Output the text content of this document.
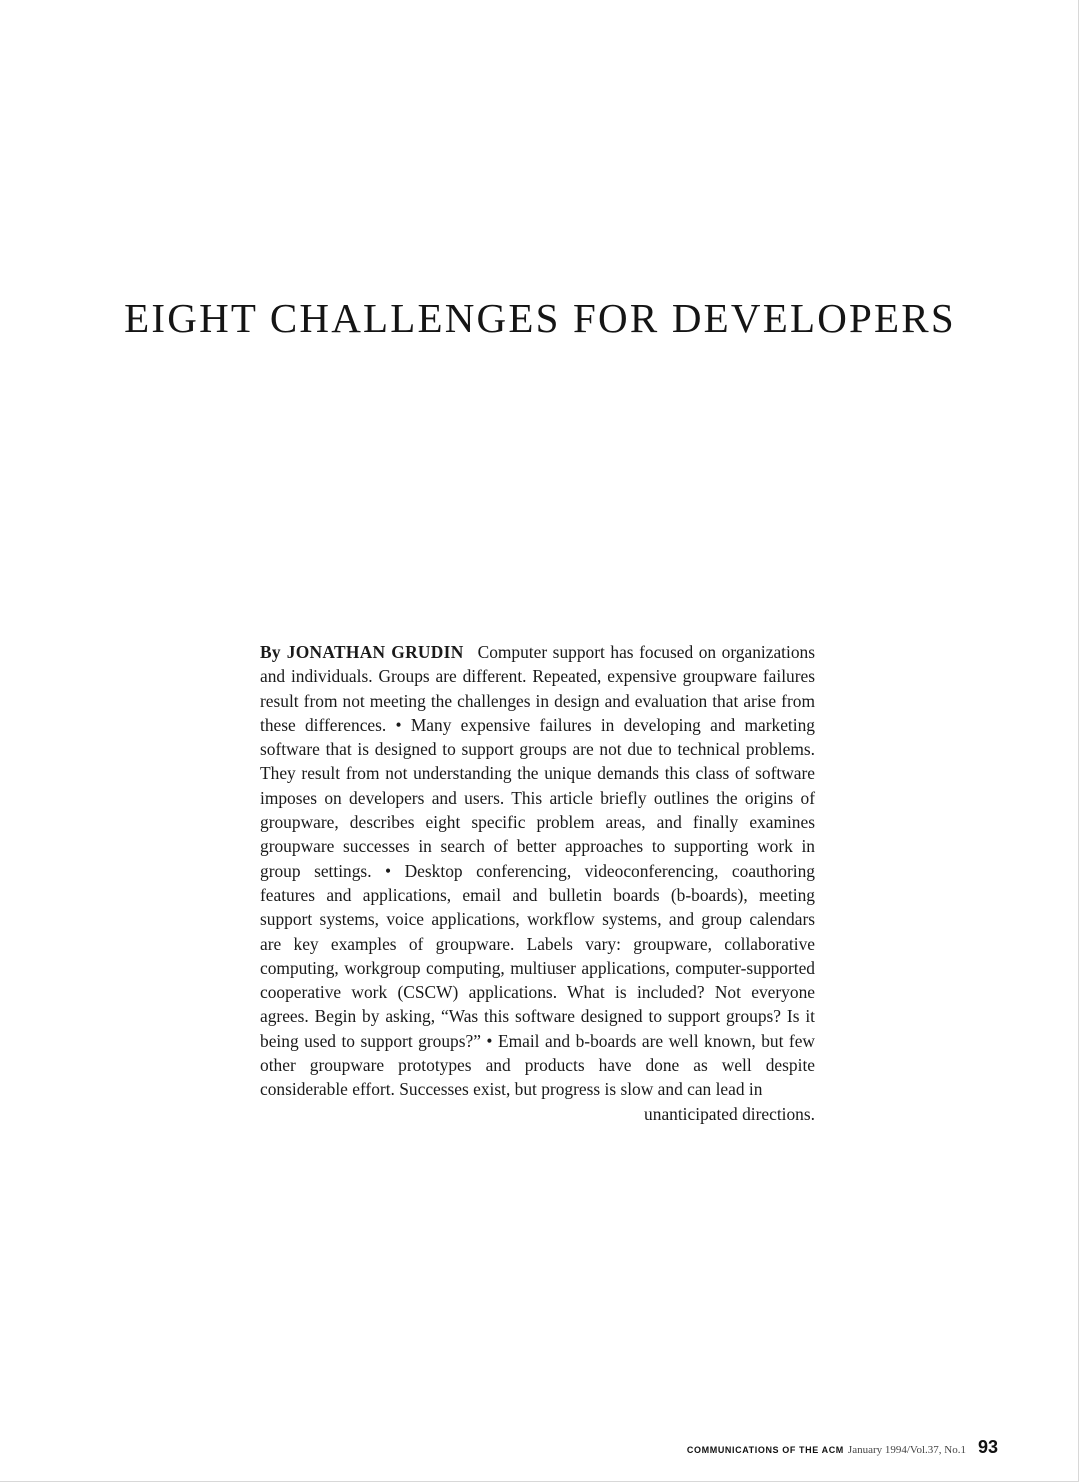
EIGHT CHALLENGES FOR DEVELOPERS

By JONATHAN GRUDIN Computer support has focused on organizations and individuals. Groups are different. Repeated, expensive groupware failures result from not meeting the challenges in design and evaluation that arise from these differences. • Many expensive failures in developing and marketing software that is designed to support groups are not due to technical problems. They result from not understanding the unique demands this class of software imposes on developers and users. This article briefly outlines the origins of groupware, describes eight specific problem areas, and finally examines groupware successes in search of better approaches to supporting work in group settings. • Desktop conferencing, videoconferencing, coauthoring features and applications, email and bulletin boards (b-boards), meeting support systems, voice applications, workflow systems, and group calendars are key examples of groupware. Labels vary: groupware, collaborative computing, workgroup computing, multiuser applications, computer-supported cooperative work (CSCW) applications. What is included? Not everyone agrees. Begin by asking, “Was this software designed to support groups? Is it being used to support groups?” • Email and b-boards are well known, but few other groupware prototypes and products have done as well despite considerable effort. Successes exist, but progress is slow and can lead in
unanticipated directions.

COMMUNICATIONS OF THE ACM January 1994/Vol.37, No.1 93
